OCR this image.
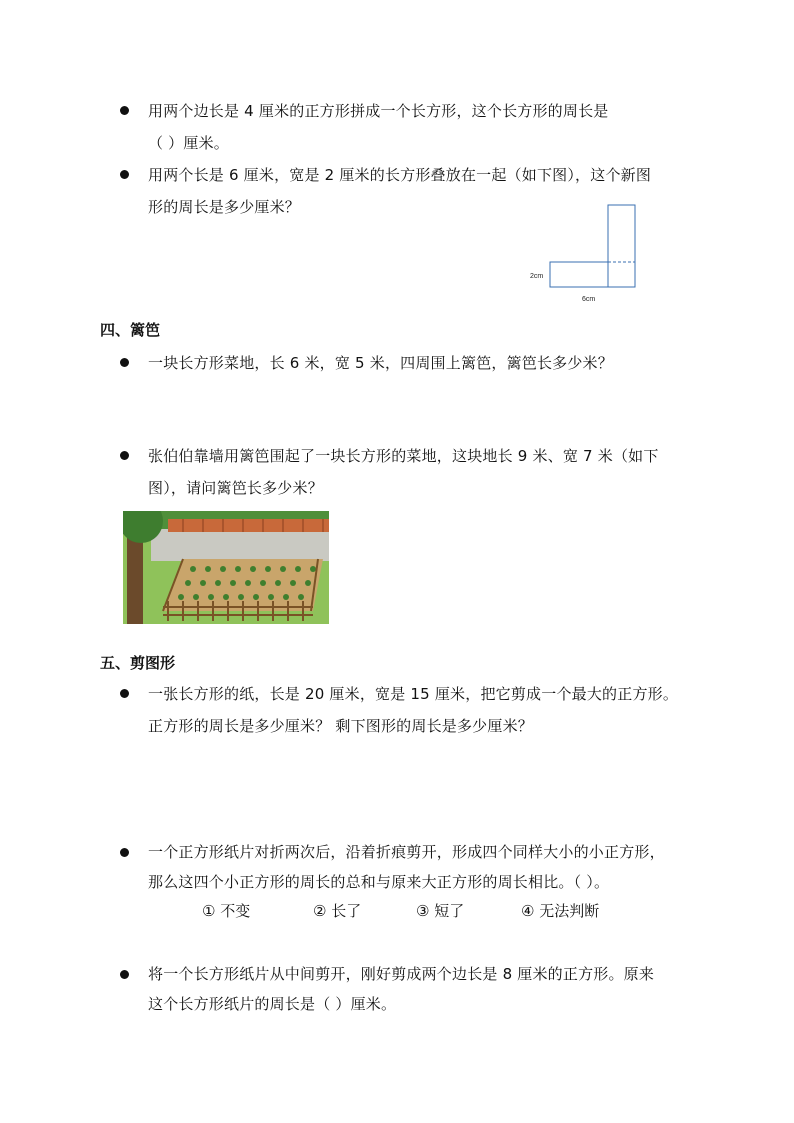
用两个边长是 4 厘米的正方形拼成一个长方形，这个长方形的周长是
（ ）厘米。
用两个长是 6 厘米，宽是 2 厘米的长方形叠放在一起（如下图），这个新图
形的周长是多少厘米？
2cm
6cm
四、篱笆
一块长方形菜地，长 6 米，宽 5 米，四周围上篱笆，篱笆长多少米？
张伯伯靠墙用篱笆围起了一块长方形的菜地，这块地长 9 米、宽 7 米（如下
图），请问篱笆长多少米？
五、剪图形
一张长方形的纸，长是 20 厘米，宽是 15 厘米，把它剪成一个最大的正方形。
正方形的周长是多少厘米？ 剩下图形的周长是多少厘米？
一个正方形纸片对折两次后，沿着折痕剪开，形成四个同样大小的小正方形，
那么这四个小正方形的周长的总和与原来大正方形的周长相比。（ ）。
① 不变	② 长了	③ 短了	④ 无法判断
将一个长方形纸片从中间剪开，刚好剪成两个边长是 8 厘米的正方形。原来
这个长方形纸片的周长是（ ）厘米。
